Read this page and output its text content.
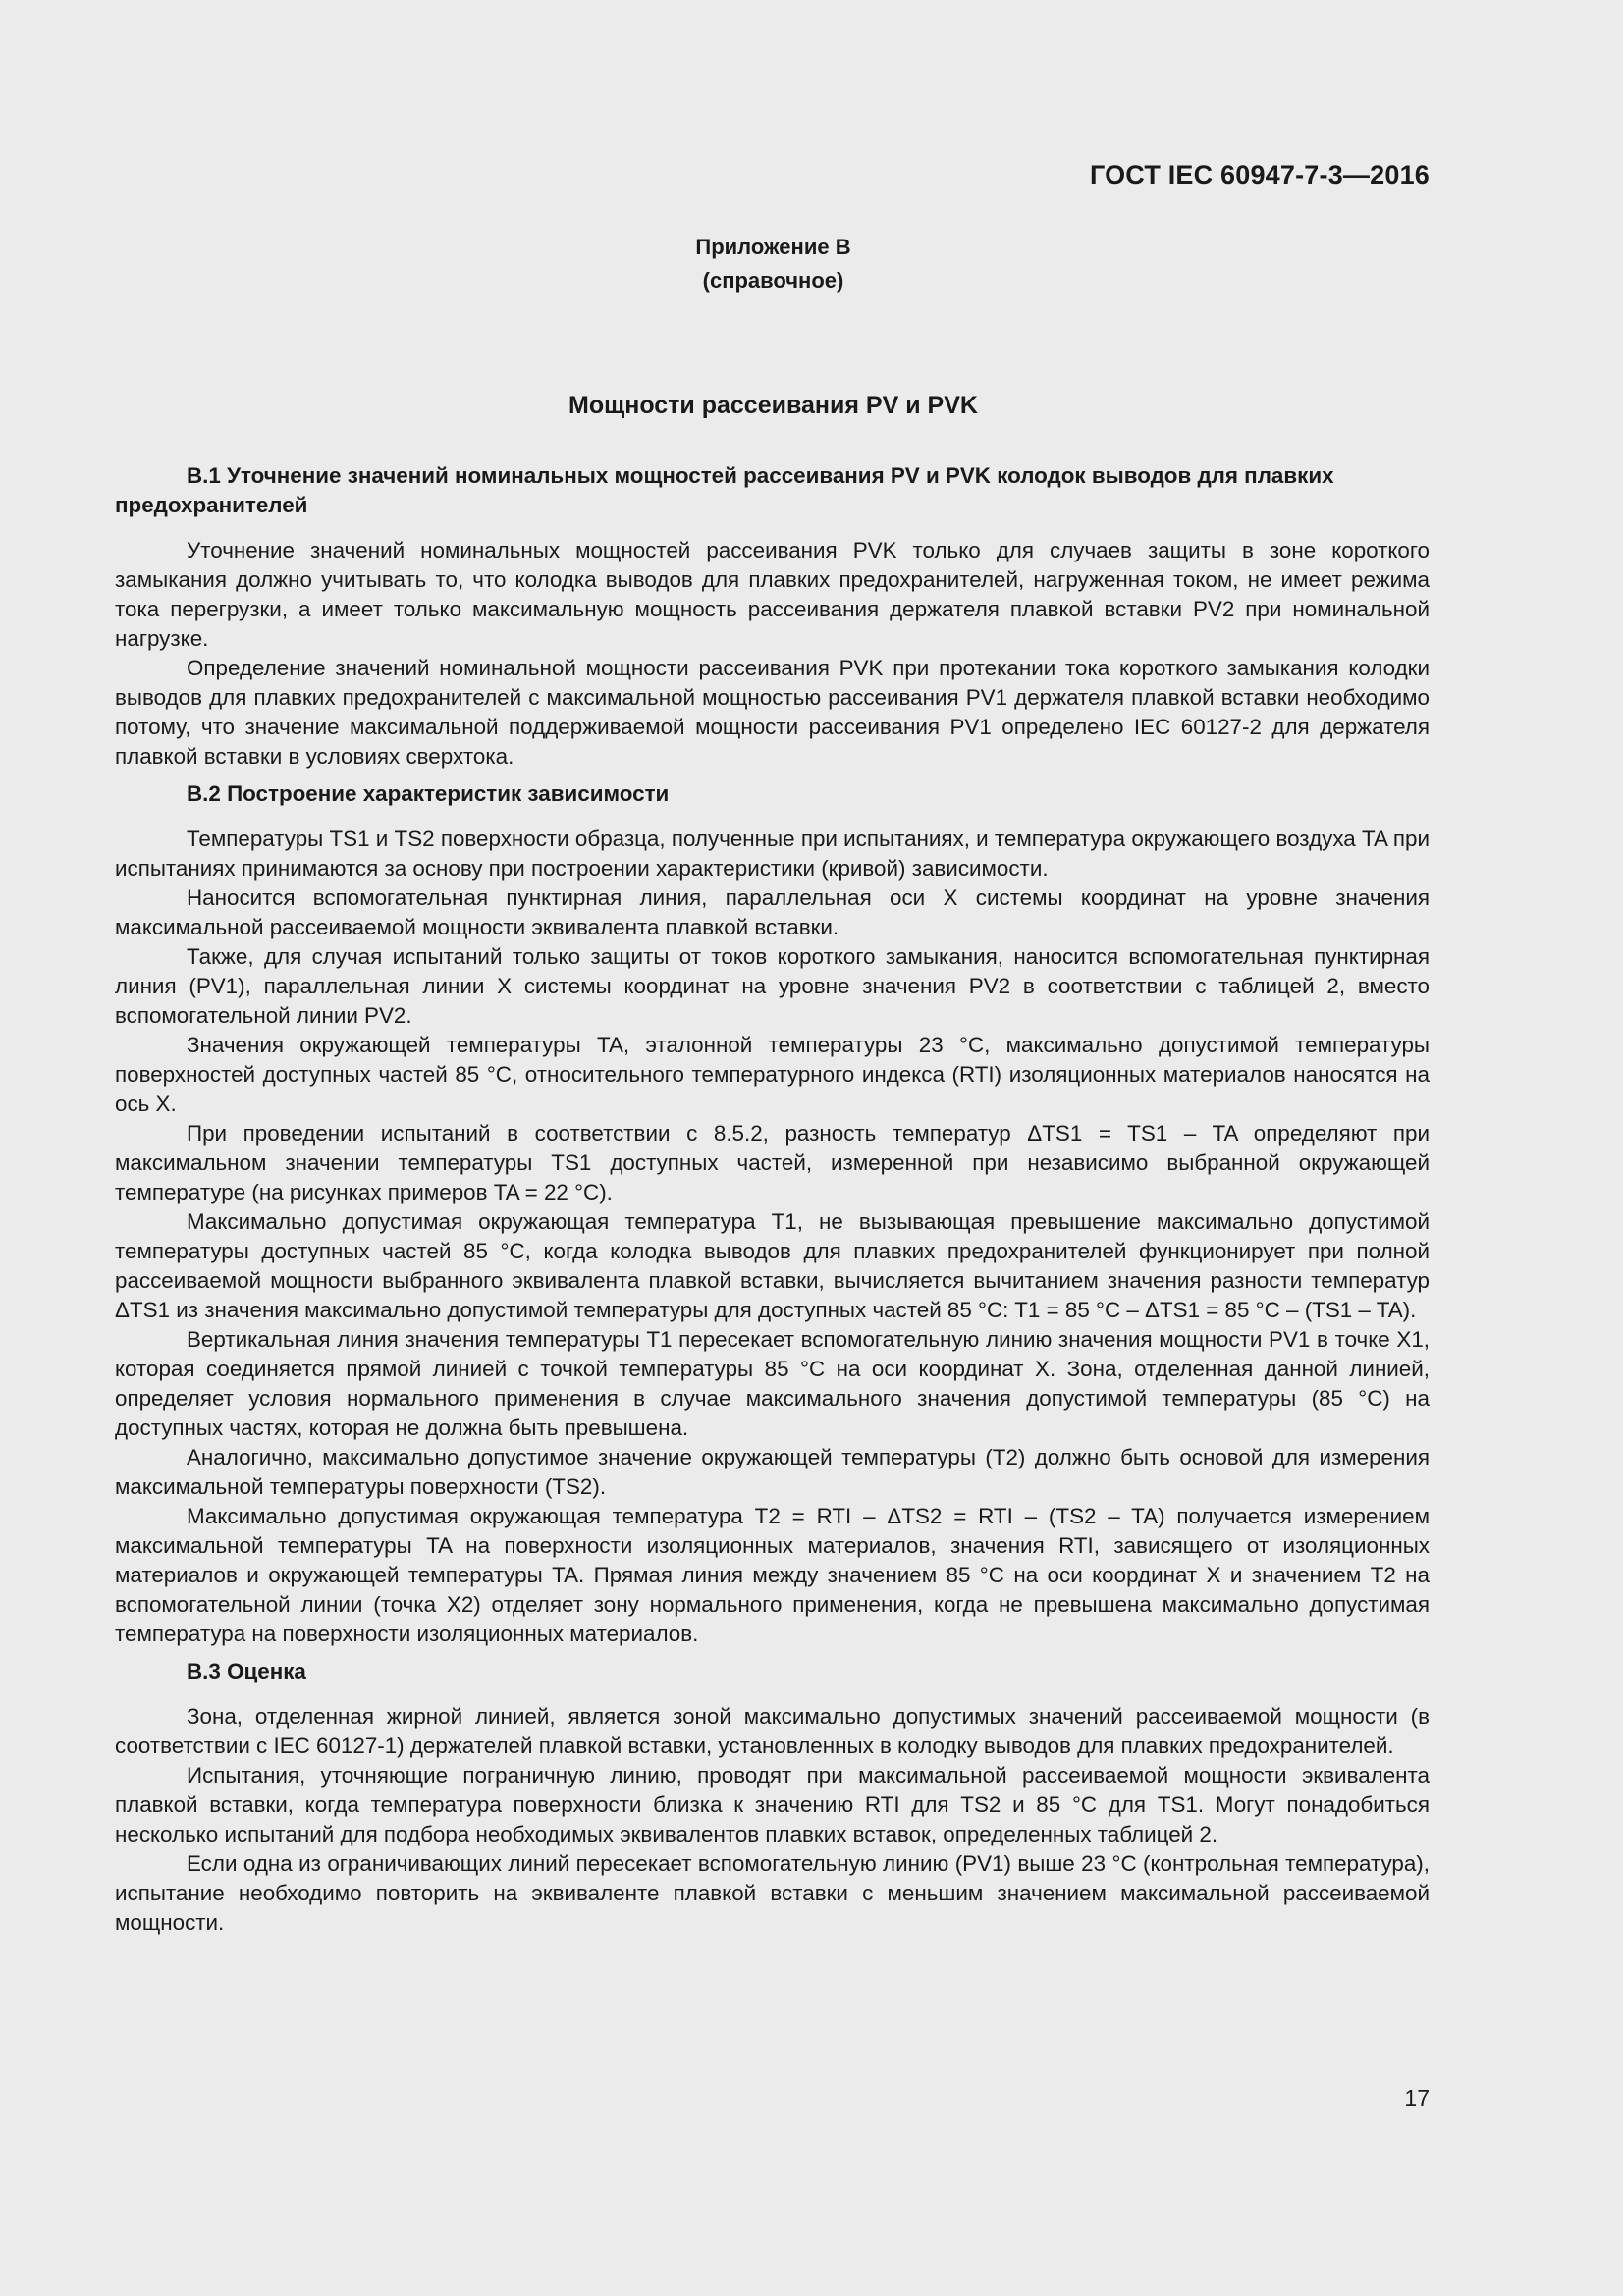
ГОСТ IEC 60947-7-3—2016
Приложение В
(справочное)
Мощности рассеивания PV и PVK
В.1 Уточнение значений номинальных мощностей рассеивания PV и PVK колодок выводов для плавких предохранителей

Уточнение значений номинальных мощностей рассеивания PVK только для случаев защиты в зоне короткого замыкания должно учитывать то, что колодка выводов для плавких предохранителей, нагруженная током, не имеет режима тока перегрузки, а имеет только максимальную мощность рассеивания держателя плавкой вставки PV2 при номинальной нагрузке.

Определение значений номинальной мощности рассеивания PVK при протекании тока короткого замыкания колодки выводов для плавких предохранителей с максимальной мощностью рассеивания PV1 держателя плавкой вставки необходимо потому, что значение максимальной поддерживаемой мощности рассеивания PV1 определено IEC 60127-2 для держателя плавкой вставки в условиях сверхтока.

В.2 Построение характеристик зависимости

Температуры TS1 и TS2 поверхности образца, полученные при испытаниях, и температура окружающего воздуха TA при испытаниях принимаются за основу при построении характеристики (кривой) зависимости.

Наносится вспомогательная пунктирная линия, параллельная оси X системы координат на уровне значения максимальной рассеиваемой мощности эквивалента плавкой вставки.

Также, для случая испытаний только защиты от токов короткого замыкания, наносится вспомогательная пунктирная линия (PV1), параллельная линии X системы координат на уровне значения PV2 в соответствии с таблицей 2, вместо вспомогательной линии PV2.

Значения окружающей температуры TA, эталонной температуры 23 °C, максимально допустимой температуры поверхностей доступных частей 85 °C, относительного температурного индекса (RTI) изоляционных материалов наносятся на ось X.

При проведении испытаний в соответствии с 8.5.2, разность температур ΔTS1 = TS1 – TA определяют при максимальном значении температуры TS1 доступных частей, измеренной при независимо выбранной окружающей температуре (на рисунках примеров TA = 22 °C).

Максимально допустимая окружающая температура T1, не вызывающая превышение максимально допустимой температуры доступных частей 85 °C, когда колодка выводов для плавких предохранителей функционирует при полной рассеиваемой мощности выбранного эквивалента плавкой вставки, вычисляется вычитанием значения разности температур ΔTS1 из значения максимально допустимой температуры для доступных частей 85 °C: T1 = 85 °C – ΔTS1 = 85 °C – (TS1 – TA).

Вертикальная линия значения температуры T1 пересекает вспомогательную линию значения мощности PV1 в точке X1, которая соединяется прямой линией с точкой температуры 85 °C на оси координат X. Зона, отделенная данной линией, определяет условия нормального применения в случае максимального значения допустимой температуры (85 °C) на доступных частях, которая не должна быть превышена.

Аналогично, максимально допустимое значение окружающей температуры (T2) должно быть основой для измерения максимальной температуры поверхности (TS2).

Максимально допустимая окружающая температура T2 = RTI – ΔTS2 = RTI – (TS2 – TA) получается измерением максимальной температуры TA на поверхности изоляционных материалов, значения RTI, зависящего от изоляционных материалов и окружающей температуры TA. Прямая линия между значением 85 °C на оси координат X и значением T2 на вспомогательной линии (точка X2) отделяет зону нормального применения, когда не превышена максимально допустимая температура на поверхности изоляционных материалов.

В.3 Оценка

Зона, отделенная жирной линией, является зоной максимально допустимых значений рассеиваемой мощности (в соответствии с IEC 60127-1) держателей плавкой вставки, установленных в колодку выводов для плавких предохранителей.

Испытания, уточняющие пограничную линию, проводят при максимальной рассеиваемой мощности эквивалента плавкой вставки, когда температура поверхности близка к значению RTI для TS2 и 85 °C для TS1. Могут понадобиться несколько испытаний для подбора необходимых эквивалентов плавких вставок, определенных таблицей 2.

Если одна из ограничивающих линий пересекает вспомогательную линию (PV1) выше 23 °C (контрольная температура), испытание необходимо повторить на эквиваленте плавкой вставки с меньшим значением максимальной рассеиваемой мощности.

17
